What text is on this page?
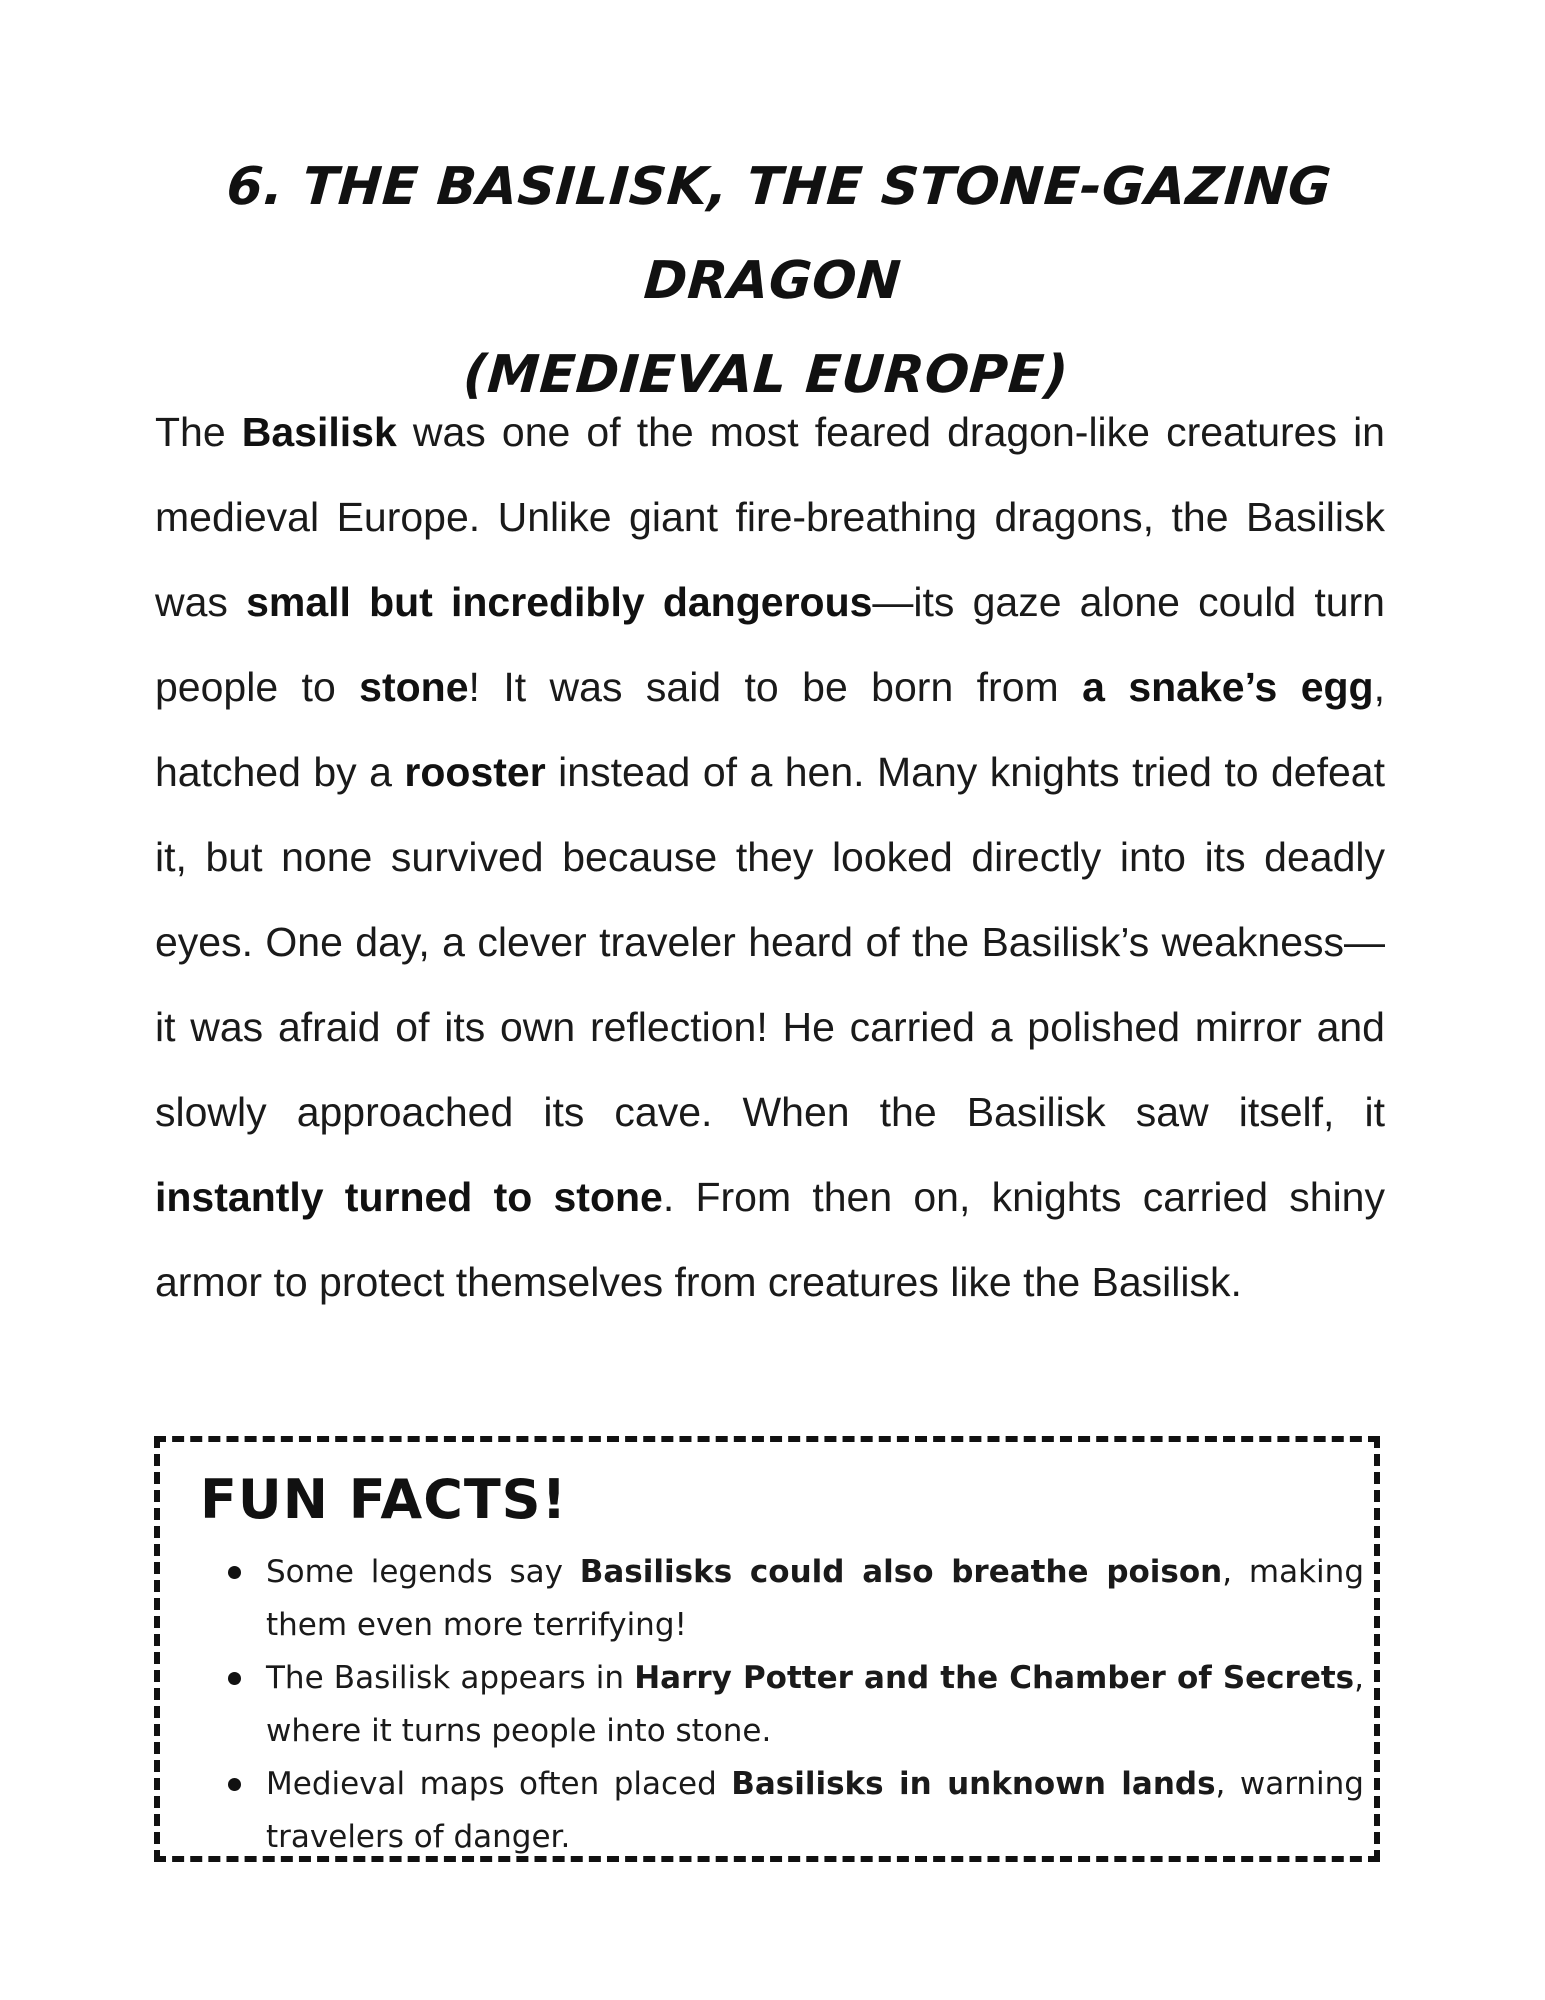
6. THE BASILISK, THE STONE-GAZING DRAGON
(MEDIEVAL EUROPE)

The Basilisk was one of the most feared dragon-like creatures in medieval Europe. Unlike giant fire-breathing dragons, the Basilisk was small but incredibly dangerous—its gaze alone could turn people to stone! It was said to be born from a snake’s egg, hatched by a rooster instead of a hen. Many knights tried to defeat it, but none survived because they looked directly into its deadly eyes. One day, a clever traveler heard of the Basilisk’s weakness—it was afraid of its own reflection! He carried a polished mirror and slowly approached its cave. When the Basilisk saw itself, it instantly turned to stone. From then on, knights carried shiny armor to protect themselves from creatures like the Basilisk.

FUN FACTS!
Some legends say Basilisks could also breathe poison, making them even more terrifying!
The Basilisk appears in Harry Potter and the Chamber of Secrets, where it turns people into stone.
Medieval maps often placed Basilisks in unknown lands, warning travelers of danger.
